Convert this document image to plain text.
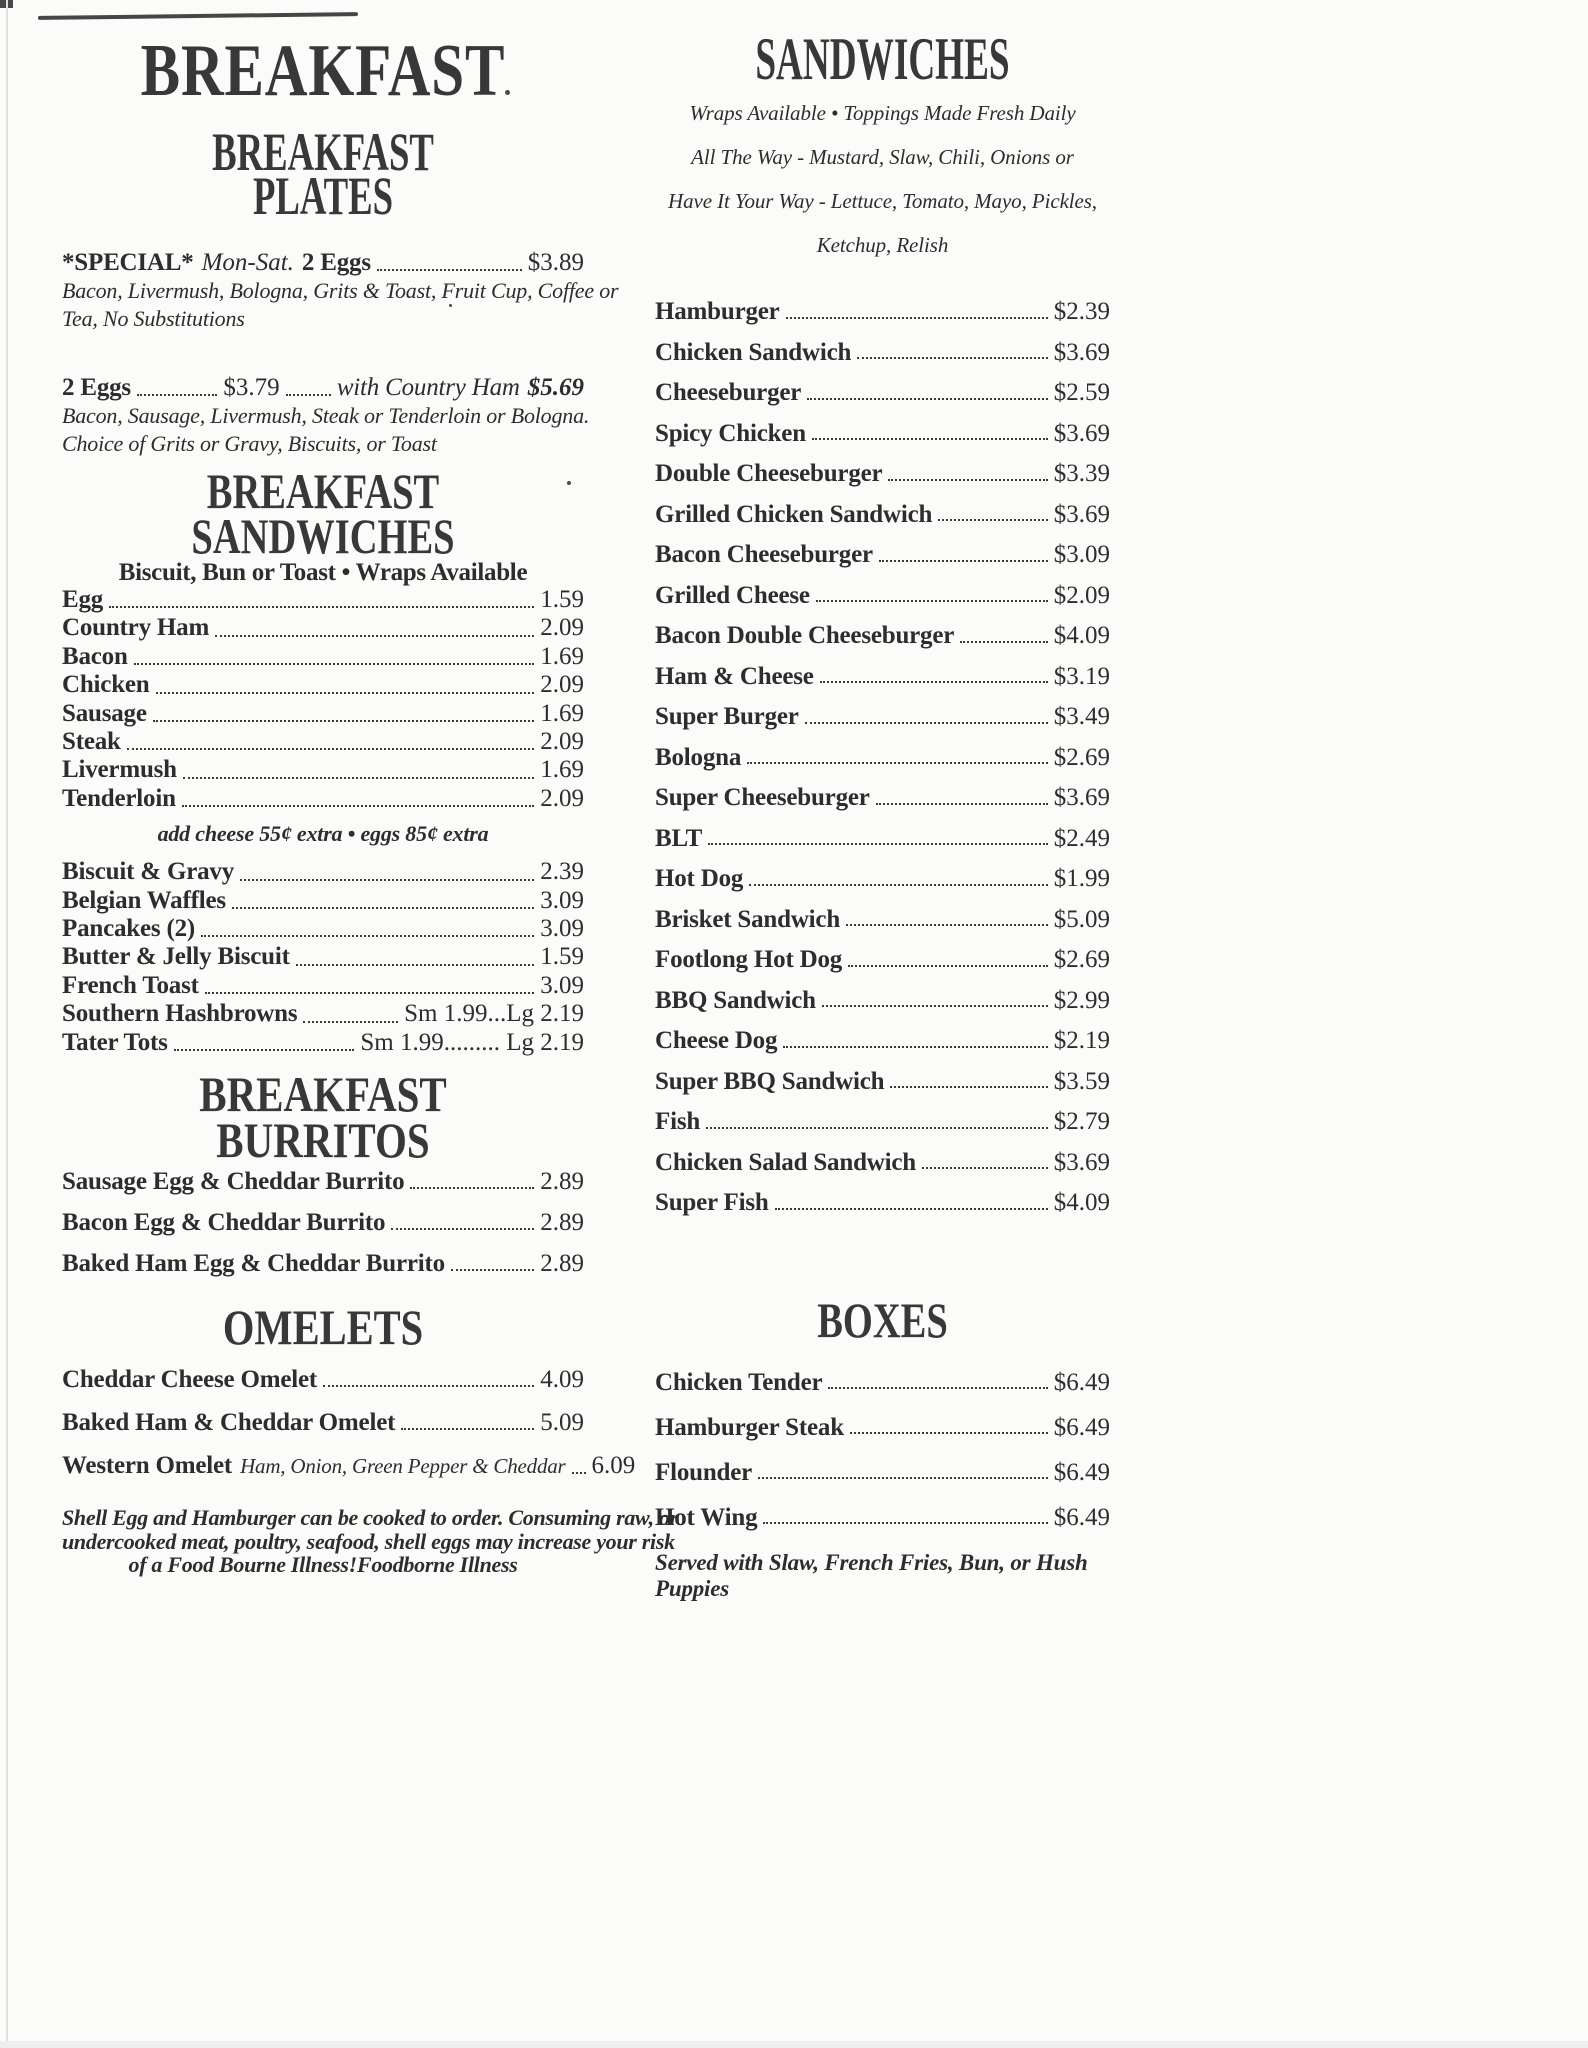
BREAKFAST
BREAKFAST PLATES
*SPECIAL* Mon-Sat. 2 Eggs	$3.89
Bacon, Livermush, Bologna, Grits & Toast, Fruit Cup, Coffee or
Tea, No Substitutions
2 Eggs	$3.79 with Country Ham $5.69
Bacon, Sausage, Livermush, Steak or Tenderloin or Bologna.
Choice of Grits or Gravy, Biscuits, or Toast
BREAKFAST
SANDWICHES
Biscuit, Bun or Toast • Wraps Available
Egg	1.59
Country Ham	2.09
Bacon	1.69
Chicken	2.09
Sausage	1.69
Steak	2.09
Livermush	1.69
Tenderloin	2.09
add cheese 55¢ extra • eggs 85¢ extra
Biscuit & Gravy	2.39
Belgian Waffles	3.09
Pancakes (2)	3.09
Butter & Jelly Biscuit	1.59
French Toast	3.09
Southern Hashbrowns	Sm 1.99...Lg 2.19
Tater Tots	Sm 1.99......... Lg 2.19
BREAKFAST
BURRITOS
Sausage Egg & Cheddar Burrito	2.89
Bacon Egg & Cheddar Burrito	2.89
Baked Ham Egg & Cheddar Burrito	2.89
OMELETS
Cheddar Cheese Omelet	4.09
Baked Ham & Cheddar Omelet	5.09
Western Omelet Ham, Onion, Green Pepper & Cheddar 6.09
Shell Egg and Hamburger can be cooked to order. Consuming raw, or
undercooked meat, poultry, seafood, shell eggs may increase your risk
of a Food Bourne Illness!Foodborne Illness
SANDWICHES
Wraps Available • Toppings Made Fresh Daily
All The Way - Mustard, Slaw, Chili, Onions or
Have It Your Way - Lettuce, Tomato, Mayo, Pickles,
Ketchup, Relish
Hamburger	$2.39
Chicken Sandwich	$3.69
Cheeseburger	$2.59
Spicy Chicken	$3.69
Double Cheeseburger	$3.39
Grilled Chicken Sandwich	$3.69
Bacon Cheeseburger	$3.09
Grilled Cheese	$2.09
Bacon Double Cheeseburger	$4.09
Ham & Cheese	$3.19
Super Burger	$3.49
Bologna	$2.69
Super Cheeseburger	$3.69
BLT	$2.49
Hot Dog	$1.99
Brisket Sandwich	$5.09
Footlong Hot Dog	$2.69
BBQ Sandwich	$2.99
Cheese Dog	$2.19
Super BBQ Sandwich	$3.59
Fish	$2.79
Chicken Salad Sandwich	$3.69
Super Fish	$4.09
BOXES
Chicken Tender	$6.49
Hamburger Steak	$6.49
Flounder	$6.49
Hot Wing	$6.49
Served with Slaw, French Fries, Bun, or Hush Puppies
